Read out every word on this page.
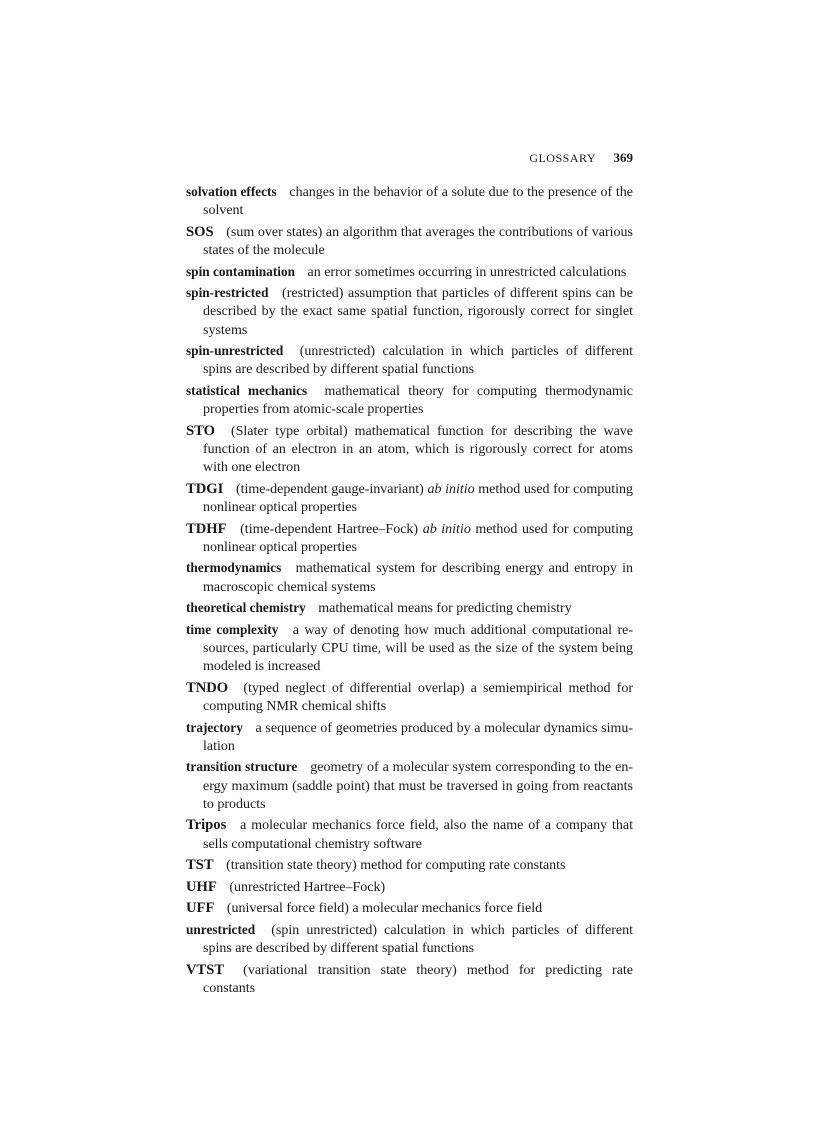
GLOSSARY 369

solvation effects changes in the behavior of a solute due to the presence of the solvent

SOS (sum over states) an algorithm that averages the contributions of various states of the molecule

spin contamination an error sometimes occurring in unrestricted calculations

spin-restricted (restricted) assumption that particles of different spins can be described by the exact same spatial function, rigorously correct for singlet systems

spin-unrestricted (unrestricted) calculation in which particles of different spins are described by different spatial functions

statistical mechanics mathematical theory for computing thermodynamic properties from atomic-scale properties

STO (Slater type orbital) mathematical function for describing the wave function of an electron in an atom, which is rigorously correct for atoms with one electron

TDGI (time-dependent gauge-invariant) ab initio method used for computing nonlinear optical properties

TDHF (time-dependent Hartree–Fock) ab initio method used for computing nonlinear optical properties

thermodynamics mathematical system for describing energy and entropy in macroscopic chemical systems

theoretical chemistry mathematical means for predicting chemistry

time complexity a way of denoting how much additional computational re-sources, particularly CPU time, will be used as the size of the system being modeled is increased

TNDO (typed neglect of differential overlap) a semiempirical method for computing NMR chemical shifts

trajectory a sequence of geometries produced by a molecular dynamics simu-lation

transition structure geometry of a molecular system corresponding to the en-ergy maximum (saddle point) that must be traversed in going from reactants to products

Tripos a molecular mechanics force field, also the name of a company that sells computational chemistry software

TST (transition state theory) method for computing rate constants

UHF (unrestricted Hartree–Fock)

UFF (universal force field) a molecular mechanics force field

unrestricted (spin unrestricted) calculation in which particles of different spins are described by different spatial functions

VTST (variational transition state theory) method for predicting rate constants
